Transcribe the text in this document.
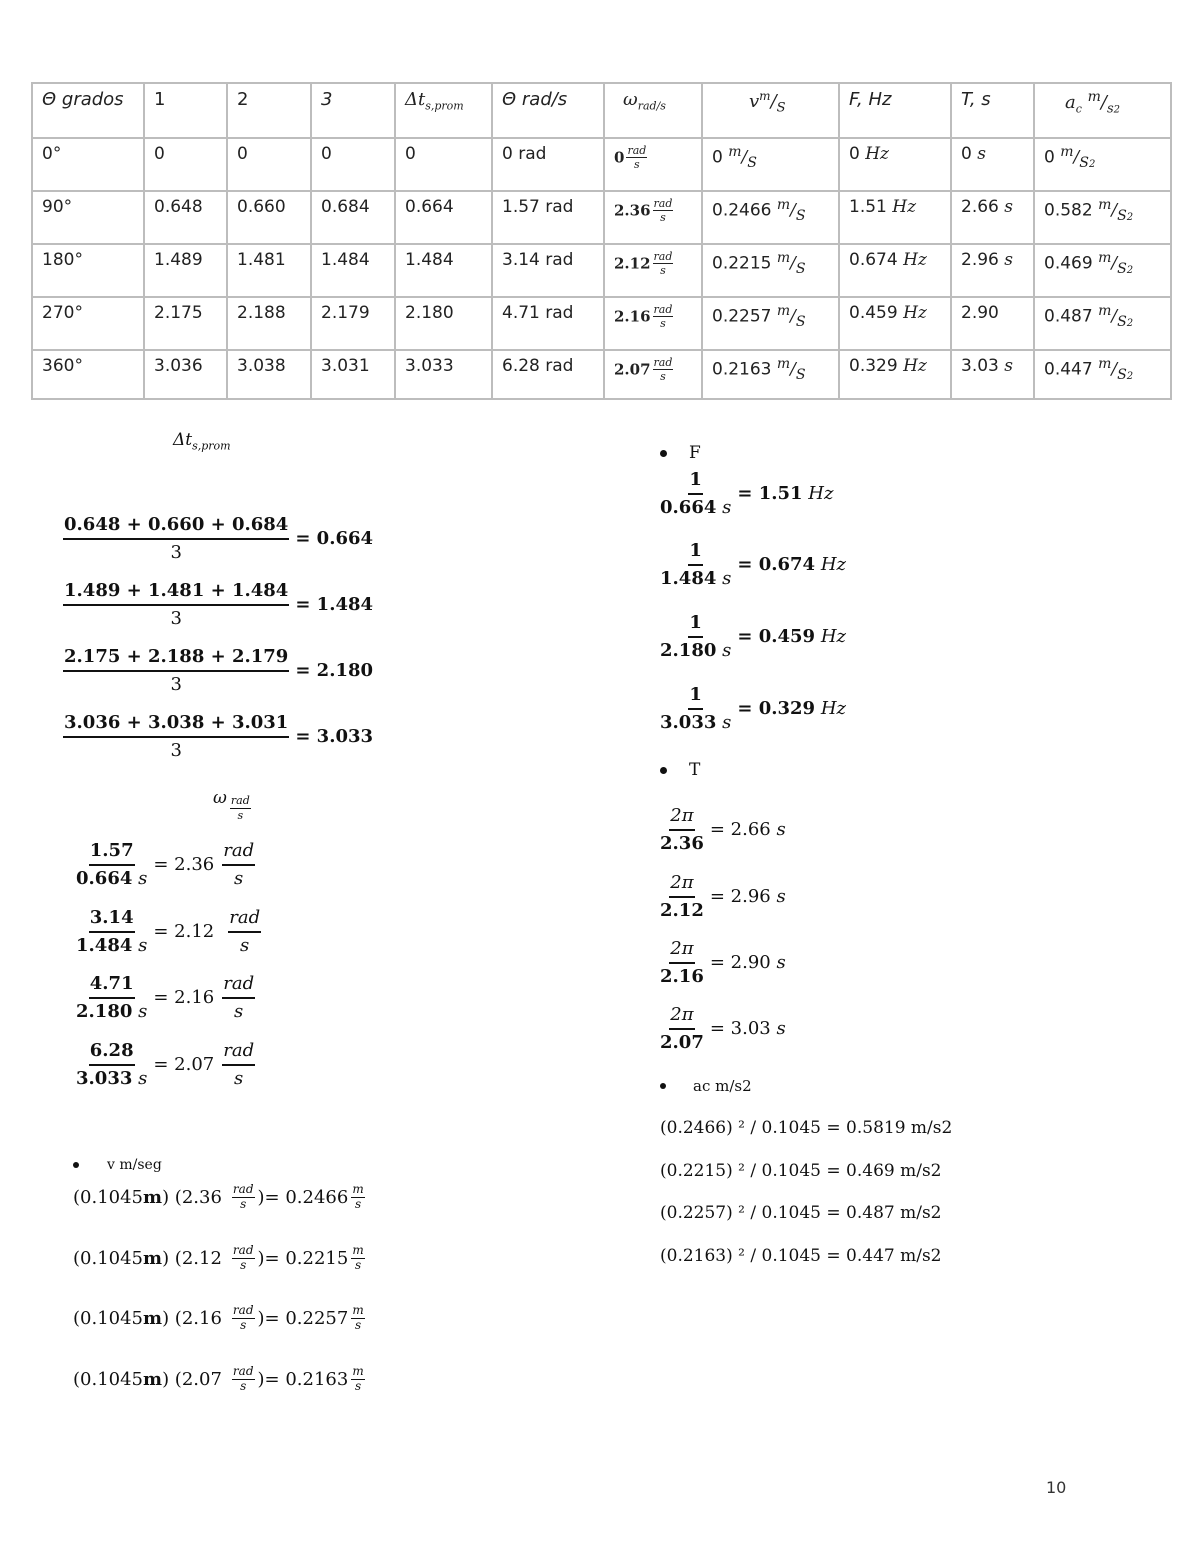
Θ grados	1	2	3	$\Delta t_{s,prom}$	Θ rad/s	$\omega_{rad/s}$	$v^m/_S$	F, Hz	T, s	$a_c$ $^m/_{s2}$
0°	0	0	0	0	0 rad	$0 \frac{\text{rad}}{s}$	0 $^m/_S$	0 Hz	0 s	0 $^m/_{S2}$
90°	0.648	0.660	0.684	0.664	1.57 rad	$2.36 \frac{\text{rad}}{s}$	0.2466 $^m/_S$	1.51 Hz	2.66 s	0.582 $^m/_{S2}$
180°	1.489	1.481	1.484	1.484	3.14 rad	$2.12 \frac{\text{rad}}{s}$	0.2215 $^m/_S$	0.674 Hz	2.96 s	0.469 $^m/_{S2}$
270°	2.175	2.188	2.179	2.180	4.71 rad	$2.16 \frac{\text{rad}}{s}$	0.2257 $^m/_S$	0.459 Hz	2.90	0.487 $^m/_{S2}$
360°	3.036	3.038	3.031	3.033	6.28 rad	$2.07 \frac{\text{rad}}{s}$	0.2163 $^m/_S$	0.329 Hz	3.03 s	0.447 $^m/_{S2}$
$\Delta t_{s,prom}$
$\frac{0.648 + 0.660 + 0.684}{3} = 0.664$
$\frac{1.489 + 1.481 + 1.484}{3} = 1.484$
$\frac{2.175 + 2.188 + 2.179}{3} = 2.180$
$\frac{3.036 + 3.038 + 3.031}{3} = 3.033$
ω rad
s
$\frac{1.57}{0.664 s} = 2.36 \frac{\text{rad}}{s}$
$\frac{3.14}{1.484 s} = 2.12 \frac{\text{rad}}{s}$
$\frac{4.71}{2.180 s} = 2.16 \frac{\text{rad}}{s}$
$\frac{6.28}{3.033 s} = 2.07 \frac{\text{rad}}{s}$
v m/seg
(0.1045 m ) (2.36 rad
s ) = 0.2466 m
s
(0.1045 m ) (2.12 rad
s ) = 0.2215 m
s
(0.1045 m ) (2.16 rad
s ) = 0.2257 m
s
(0.1045 m ) (2.07 rad
s ) = 0.2163 m
s
F
$\frac{1}{0.664 s} = 1.51$ Hz
$\frac{1}{1.484 s} = 0.674$ Hz
$\frac{1}{2.180 s} = 0.459$ Hz
$\frac{1}{3.033 s} = 0.329$ Hz
T
$\frac{2\pi}{2.36} = 2.66$ s
$\frac{2\pi}{2.12} = 2.96$ s
$\frac{2\pi}{2.16} = 2.90$ s
$\frac{2\pi}{2.07} = 3.03$ s
ac m/s2
(0.2466) ² / 0.1045 = 0.5819 m/s2
(0.2215) ² / 0.1045 = 0.469 m/s2
(0.2257) ² / 0.1045 = 0.487 m/s2
(0.2163) ² / 0.1045 = 0.447 m/s2
10
